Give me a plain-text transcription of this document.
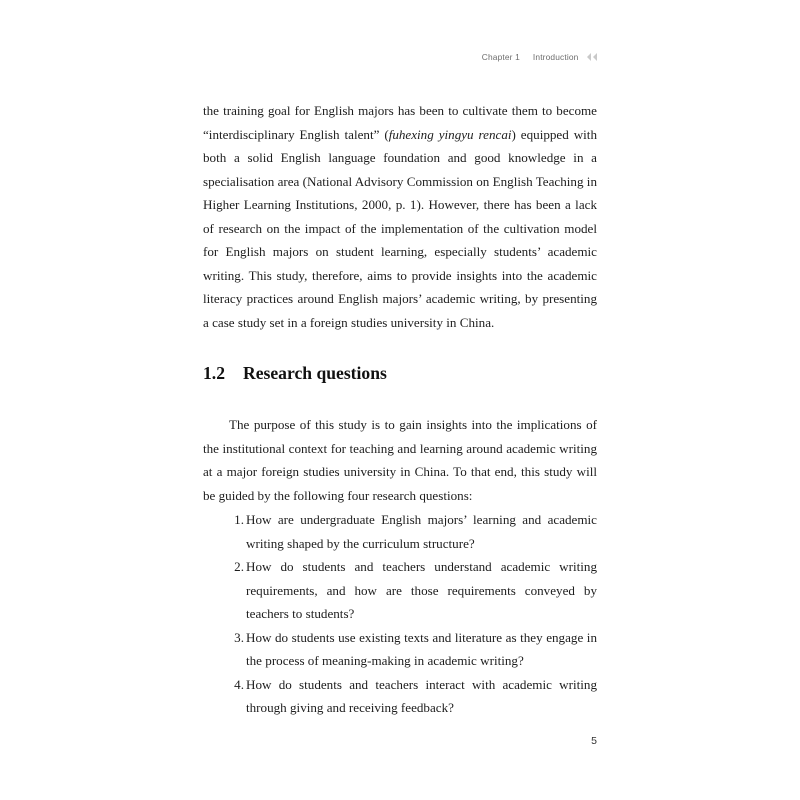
Chapter 1 Introduction

the training goal for English majors has been to cultivate them to become “interdisciplinary English talent” (fuhexing yingyu rencai) equipped with both a solid English language foundation and good knowledge in a specialisation area (National Advisory Commission on English Teaching in Higher Learning Institutions, 2000, p. 1). However, there has been a lack of research on the impact of the implementation of the cultivation model for English majors on student learning, especially students’ academic writing. This study, therefore, aims to provide insights into the academic literacy practices around English majors’ academic writing, by presenting a case study set in a foreign studies university in China.

1.2	Research questions

The purpose of this study is to gain insights into the implications of the institutional context for teaching and learning around academic writing at a major foreign studies university in China. To that end, this study will be guided by the following four research questions:

1. How are undergraduate English majors’ learning and academic writing shaped by the curriculum structure?
2. How do students and teachers understand academic writing requirements, and how are those requirements conveyed by teachers to students?
3. How do students use existing texts and literature as they engage in the process of meaning-making in academic writing?
4. How do students and teachers interact with academic writing through giving and receiving feedback?
5
